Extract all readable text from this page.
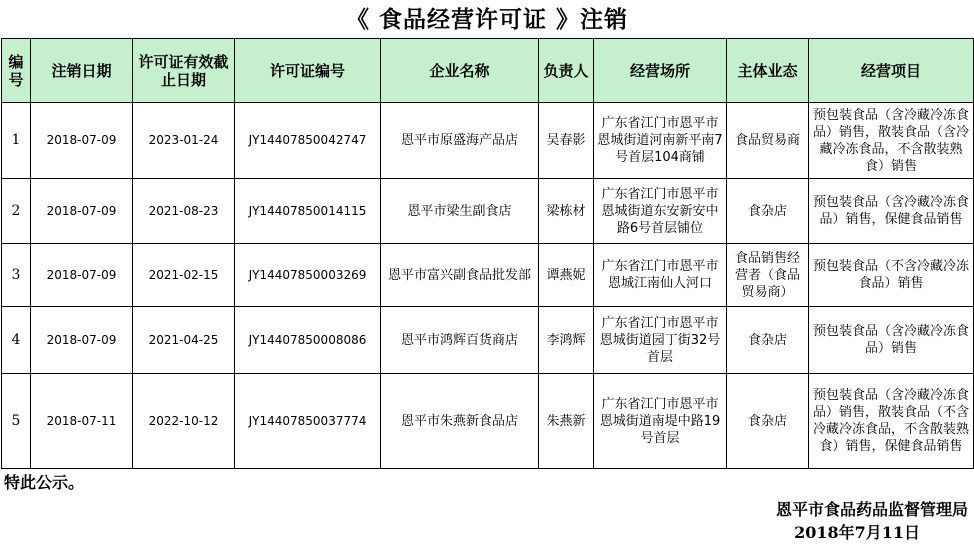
《 食品经营许可证 》注销
编号	注销日期	许可证有效截止日期	许可证编号	企业名称	负责人	经营场所	主体业态	经营项目
1	2018-07-09	2023-01-24	JY14407850042747	恩平市原盛海产品店	吴春影	广东省江门市恩平市恩城街道河南新平南7号首层104商铺	食品贸易商	预包装食品（含冷藏冷冻食品）销售，散装食品（含冷藏冷冻食品，不含散装熟食）销售
2	2018-07-09	2021-08-23	JY14407850014115	恩平市梁生副食店	梁栋材	广东省江门市恩平市恩城街道东安新安中路6号首层铺位	食杂店	预包装食品（含冷藏冷冻食品）销售，保健食品销售
3	2018-07-09	2021-02-15	JY14407850003269	恩平市富兴副食品批发部	谭燕妮	广东省江门市恩平市恩城江南仙人河口	食品销售经营者（食品贸易商）	预包装食品（不含冷藏冷冻食品）销售
4	2018-07-09	2021-04-25	JY14407850008086	恩平市鸿辉百货商店	李鸿辉	广东省江门市恩平市恩城街道园丁街32号首层	食杂店	预包装食品（含冷藏冷冻食品）销售
5	2018-07-11	2022-10-12	JY14407850037774	恩平市朱燕新食品店	朱燕新	广东省江门市恩平市恩城街道南堤中路19号首层	食杂店	预包装食品（含冷藏冷冻食品）销售，散装食品（不含冷藏冷冻食品，不含散装熟食）销售，保健食品销售
特此公示。
恩平市食品药品监督管理局
2018年7月11日
